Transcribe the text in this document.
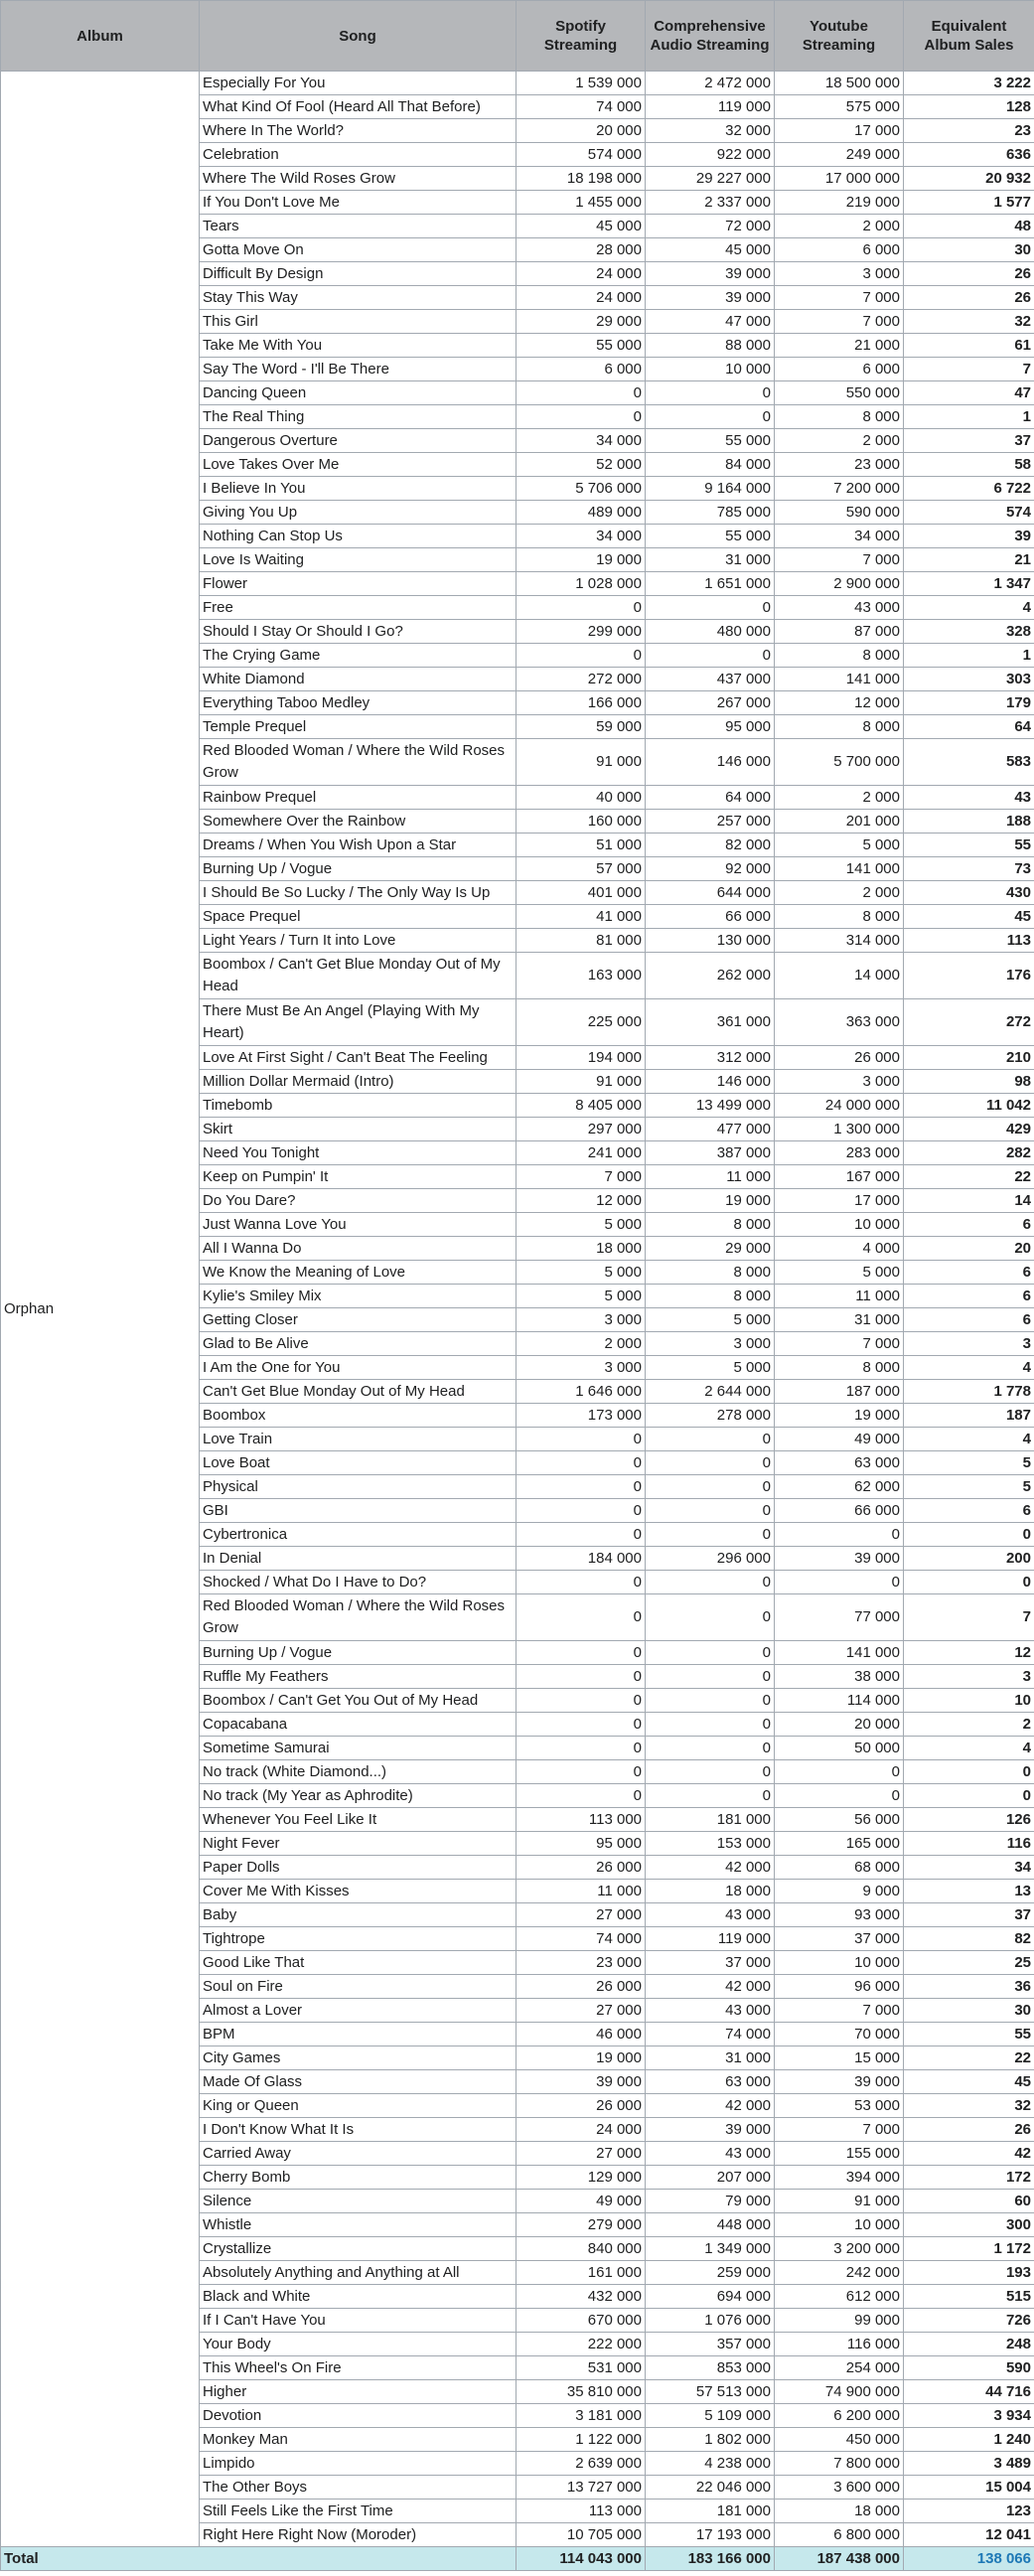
Album	Song	Spotify Streaming	Comprehensive Audio Streaming	Youtube Streaming	Equivalent Album Sales
Orphan	Especially For You	1 539 000	2 472 000	18 500 000	3 222
	What Kind Of Fool (Heard All That Before)	74 000	119 000	575 000	128
	Where In The World?	20 000	32 000	17 000	23
	Celebration	574 000	922 000	249 000	636
	Where The Wild Roses Grow	18 198 000	29 227 000	17 000 000	20 932
	If You Don't Love Me	1 455 000	2 337 000	219 000	1 577
	Tears	45 000	72 000	2 000	48
	Gotta Move On	28 000	45 000	6 000	30
	Difficult By Design	24 000	39 000	3 000	26
	Stay This Way	24 000	39 000	7 000	26
	This Girl	29 000	47 000	7 000	32
	Take Me With You	55 000	88 000	21 000	61
	Say The Word - I'll Be There	6 000	10 000	6 000	7
	Dancing Queen	0	0	550 000	47
	The Real Thing	0	0	8 000	1
	Dangerous Overture	34 000	55 000	2 000	37
	Love Takes Over Me	52 000	84 000	23 000	58
	I Believe In You	5 706 000	9 164 000	7 200 000	6 722
	Giving You Up	489 000	785 000	590 000	574
	Nothing Can Stop Us	34 000	55 000	34 000	39
	Love Is Waiting	19 000	31 000	7 000	21
	Flower	1 028 000	1 651 000	2 900 000	1 347
	Free	0	0	43 000	4
	Should I Stay Or Should I Go?	299 000	480 000	87 000	328
	The Crying Game	0	0	8 000	1
	White Diamond	272 000	437 000	141 000	303
	Everything Taboo Medley	166 000	267 000	12 000	179
	Temple Prequel	59 000	95 000	8 000	64
	Red Blooded Woman / Where the Wild Roses Grow	91 000	146 000	5 700 000	583
	Rainbow Prequel	40 000	64 000	2 000	43
	Somewhere Over the Rainbow	160 000	257 000	201 000	188
	Dreams / When You Wish Upon a Star	51 000	82 000	5 000	55
	Burning Up / Vogue	57 000	92 000	141 000	73
	I Should Be So Lucky / The Only Way Is Up	401 000	644 000	2 000	430
	Space Prequel	41 000	66 000	8 000	45
	Light Years / Turn It into Love	81 000	130 000	314 000	113
	Boombox / Can't Get Blue Monday Out of My Head	163 000	262 000	14 000	176
	There Must Be An Angel (Playing With My Heart)	225 000	361 000	363 000	272
	Love At First Sight / Can't Beat The Feeling	194 000	312 000	26 000	210
	Million Dollar Mermaid (Intro)	91 000	146 000	3 000	98
	Timebomb	8 405 000	13 499 000	24 000 000	11 042
	Skirt	297 000	477 000	1 300 000	429
	Need You Tonight	241 000	387 000	283 000	282
	Keep on Pumpin' It	7 000	11 000	167 000	22
	Do You Dare?	12 000	19 000	17 000	14
	Just Wanna Love You	5 000	8 000	10 000	6
	All I Wanna Do	18 000	29 000	4 000	20
	We Know the Meaning of Love	5 000	8 000	5 000	6
	Kylie's Smiley Mix	5 000	8 000	11 000	6
	Getting Closer	3 000	5 000	31 000	6
	Glad to Be Alive	2 000	3 000	7 000	3
	I Am the One for You	3 000	5 000	8 000	4
	Can't Get Blue Monday Out of My Head	1 646 000	2 644 000	187 000	1 778
	Boombox	173 000	278 000	19 000	187
	Love Train	0	0	49 000	4
	Love Boat	0	0	63 000	5
	Physical	0	0	62 000	5
	GBI	0	0	66 000	6
	Cybertronica	0	0	0	0
	In Denial	184 000	296 000	39 000	200
	Shocked / What Do I Have to Do?	0	0	0	0
	Red Blooded Woman / Where the Wild Roses Grow	0	0	77 000	7
	Burning Up / Vogue	0	0	141 000	12
	Ruffle My Feathers	0	0	38 000	3
	Boombox / Can't Get You Out of My Head	0	0	114 000	10
	Copacabana	0	0	20 000	2
	Sometime Samurai	0	0	50 000	4
	No track (White Diamond...)	0	0	0	0
	No track (My Year as Aphrodite)	0	0	0	0
	Whenever You Feel Like It	113 000	181 000	56 000	126
	Night Fever	95 000	153 000	165 000	116
	Paper Dolls	26 000	42 000	68 000	34
	Cover Me With Kisses	11 000	18 000	9 000	13
	Baby	27 000	43 000	93 000	37
	Tightrope	74 000	119 000	37 000	82
	Good Like That	23 000	37 000	10 000	25
	Soul on Fire	26 000	42 000	96 000	36
	Almost a Lover	27 000	43 000	7 000	30
	BPM	46 000	74 000	70 000	55
	City Games	19 000	31 000	15 000	22
	Made Of Glass	39 000	63 000	39 000	45
	King or Queen	26 000	42 000	53 000	32
	I Don't Know What It Is	24 000	39 000	7 000	26
	Carried Away	27 000	43 000	155 000	42
	Cherry Bomb	129 000	207 000	394 000	172
	Silence	49 000	79 000	91 000	60
	Whistle	279 000	448 000	10 000	300
	Crystallize	840 000	1 349 000	3 200 000	1 172
	Absolutely Anything and Anything at All	161 000	259 000	242 000	193
	Black and White	432 000	694 000	612 000	515
	If I Can't Have You	670 000	1 076 000	99 000	726
	Your Body	222 000	357 000	116 000	248
	This Wheel's On Fire	531 000	853 000	254 000	590
	Higher	35 810 000	57 513 000	74 900 000	44 716
	Devotion	3 181 000	5 109 000	6 200 000	3 934
	Monkey Man	1 122 000	1 802 000	450 000	1 240
	Limpido	2 639 000	4 238 000	7 800 000	3 489
	The Other Boys	13 727 000	22 046 000	3 600 000	15 004
	Still Feels Like the First Time	113 000	181 000	18 000	123
	Right Here Right Now (Moroder)	10 705 000	17 193 000	6 800 000	12 041
Total		114 043 000	183 166 000	187 438 000	138 066
